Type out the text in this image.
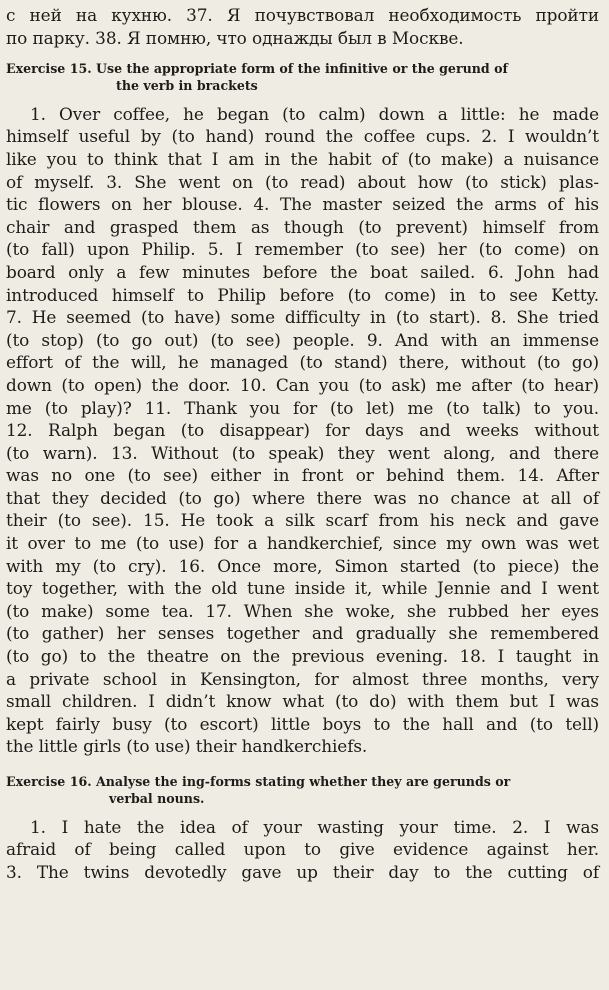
с ней на кухню. 37. Я почувствовал необходимость пройти
по парку. 38. Я помню, что однажды был в Москве.
Exercise 15. Use the appropriate form of the infinitive or the gerund of
the verb in brackets
1. Over coffee, he began (to calm) down a little: he made
himself useful by (to hand) round the coffee cups. 2. I wouldn’t
like you to think that I am in the habit of (to make) a nuisance
of myself. 3. She went on (to read) about how (to stick) plas-
tic flowers on her blouse. 4. The master seized the arms of his
chair and grasped them as though (to prevent) himself from
(to fall) upon Philip. 5. I remember (to see) her (to come) on
board only a few minutes before the boat sailed. 6. John had
introduced himself to Philip before (to come) in to see Ketty.
7. He seemed (to have) some difficulty in (to start). 8. She tried
(to stop) (to go out) (to see) people. 9. And with an immense
effort of the will, he managed (to stand) there, without (to go)
down (to open) the door. 10. Can you (to ask) me after (to hear)
me (to play)? 11. Thank you for (to let) me (to talk) to you.
12. Ralph began (to disappear) for days and weeks without
(to warn). 13. Without (to speak) they went along, and there
was no one (to see) either in front or behind them. 14. After
that they decided (to go) where there was no chance at all of
their (to see). 15. He took a silk scarf from his neck and gave
it over to me (to use) for a handkerchief, since my own was wet
with my (to cry). 16. Once more, Simon started (to piece) the
toy together, with the old tune inside it, while Jennie and I went
(to make) some tea. 17. When she woke, she rubbed her eyes
(to gather) her senses together and gradually she remembered
(to go) to the theatre on the previous evening. 18. I taught in
a private school in Kensington, for almost three months, very
small children. I didn’t know what (to do) with them but I was
kept fairly busy (to escort) little boys to the hall and (to tell)
the little girls (to use) their handkerchiefs.
Exercise 16. Analyse the ing-forms stating whether they are gerunds or
verbal nouns.
1. I hate the idea of your wasting your time. 2. I was
afraid of being called upon to give evidence against her.
3. The twins devotedly gave up their day to the cutting of
